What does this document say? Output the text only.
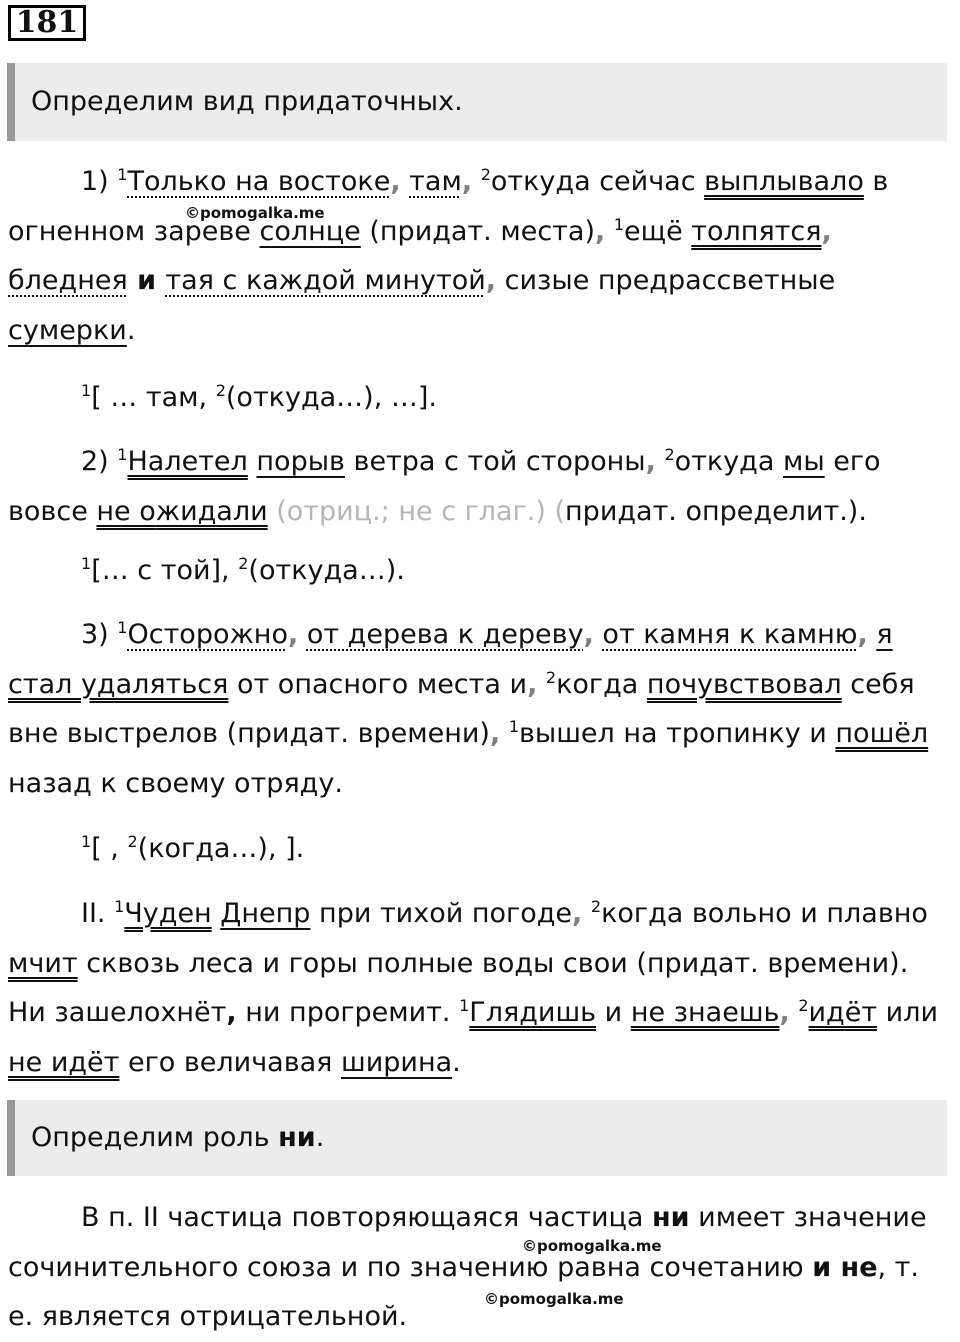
181
Определим вид придаточных.

1) $^1$Только на востоке, там, $^2$откуда сейчас выплывало в огненном зареве солнце (придат. места), $^1$ещё толпятся, бледнея и тая с каждой минутой, сизые предрассветные сумерки.

©pomogalka.me

$^1$[ … там, $^2$(откуда…), …].

2) $^1$Налетел порыв ветра с той стороны, $^2$откуда мы его вовсе не ожидали (отриц.; не с глаг.) (придат. определит.).

$^1$[… с той], $^2$(откуда…).

3) $^1$Осторожно, от дерева к дереву, от камня к камню, я стал удаляться от опасного места и, $^2$когда почувствовал себя вне выстрелов (придат. времени), $^1$вышел на тропинку и пошёл назад к своему отряду.

$^1$[ , $^2$(когда…), ].

II. $^1$Чуден Днепр при тихой погоде, $^2$когда вольно и плавно мчит сквозь леса и горы полные воды свои (придат. времени). Ни зашелохнёт, ни прогремит. $^1$Глядишь и не знаешь, $^2$идёт или не идёт его величавая ширина.

Определим роль ни.

В п. II частица повторяющаяся частица ни имеет значение сочинительного союза и по значению равна сочетанию и не, т. е. является отрицательной.

©pomogalka.me
©pomogalka.me
